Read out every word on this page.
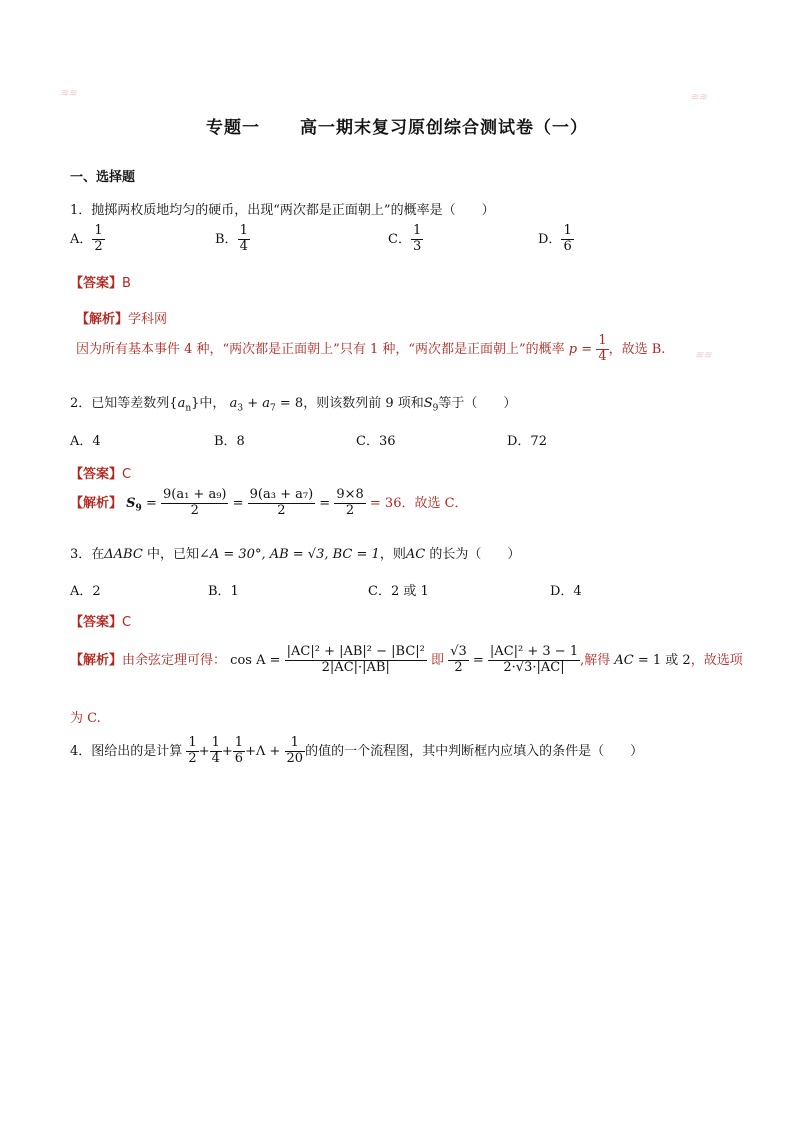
专题一 高一期末复习原创综合测试卷（一）
一、选择题
1．抛掷两枚质地均匀的硬币，出现“两次都是正面朝上”的概率是（　　）
A． $\frac{1}{2}$	B． $\frac{1}{4}$	C． $\frac{1}{3}$	D． $\frac{1}{6}$
【答案】B
【解析】学科网
因为所有基本事件 4 种，“两次都是正面朝上”只有 1 种，“两次都是正面朝上”的概率 $p = \frac{1}{4}$ ，故选 B.
2．已知等差数列$\{a_n\}$中， $a_3 + a_7 = 8$，则该数列前 9 项和$S_9$等于（　　）
A．4	B．8	C．36	D．72
【答案】C
【解析】 $S_9 = \frac{\text{9(a₁ + a₉)}}{2} = \frac{\text{9(a₃ + a₇)}}{2} = \frac{9\times 8}{2} = 36$．故选 C．
3．在ΔABC 中，已知∠A = 30°, AB = √3, BC = 1，则AC 的长为（　　）
A．2	B．1	C．2 或 1	D．4
【答案】C
【解析】由余弦定理可得： $\cos A = \frac{\text{|AC|² + |AB|² − |BC|²}}{2|AC|\cdot|AB|}$ 即 $\frac{√3}{2} = \frac{\text{|AC|² + 3 − 1}}{2\cdot√3\cdot|AC|}$ ,解得 AC = 1 或 2，故选项
为 C.
4．图给出的是计算 $\frac{1}{2} + \frac{1}{4} + \frac{1}{6} +\Lambda + \frac{1}{20}$ 的值的一个流程图，其中判断框内应填入的条件是（　　）
≋≋	≋≋
≋≋
